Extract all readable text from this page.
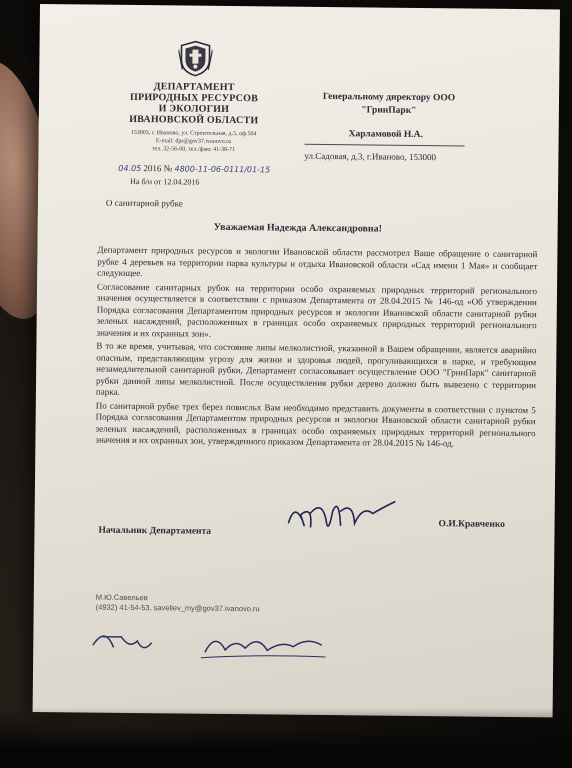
ДЕПАРТАМЕНТ
ПРИРОДНЫХ РЕСУРСОВ
И ЭКОЛОГИИ
ИВАНОВСКОЙ ОБЛАСТИ
153003, г. Иваново, ул. Строительная, д.5, оф.504
E-mail: dpr@gov37.ivanovo.ru
тел. 32-56-00, тел./факс 41-38-71
04.05 2016 № 4800-11-06-0111/01-15
На б/н от 12.04.2016
Генеральному директору ООО
"ГринПарк"
Харламовой Н.А.
ул.Садовая, д.3, г.Иваново, 153000
О санитарной рубке
Уважаемая Надежда Александровна!

Департамент природных ресурсов и экологии Ивановской области рассмотрел Ваше обращение о санитарной рубке 4 деревьев на территории парка культуры и отдыха Ивановской области «Сад имени 1 Мая» и сообщает следующее.

Согласование санитарных рубок на территории особо охраняемых природных территорий регионального значения осуществляется в соответствии с приказом Департамента от 28.04.2015 № 146-од «Об утверждении Порядка согласования Департаментом природных ресурсов и экологии Ивановской области санитарной рубки зеленых насаждений, расположенных в границах особо охраняемых природных территорий регионального значения и их охранных зон».

В то же время, учитывая, что состояние липы мелколистной, указанной в Вашем обращении, является аварийно опасным, представляющим угрозу для жизни и здоровья людей, прогуливающихся в парке, и требующим незамедлительной санитарной рубки, Департамент согласовывает осуществление ООО "ГринПарк" санитарной рубки данной липы мелколистной. После осуществления рубки дерево должно быть вывезено с территории парка.

По санитарной рубке трех берез повисльх Вам необходимо представить документы в соответствии с пунктом 5 Порядка согласования Департаментом природных ресурсов и экологии Ивановской области санитарной рубки зеленых насаждений, расположенных в границах особо охраняемых природных территорий регионального значения и их охранных зон, утвержденного приказом Департамента от 28.04.2015 № 146-од.

Начальник Департамента
О.И.Кравченко
М.Ю.Савельев
(4932) 41-54-53, saveliev_my@gov37.ivanovo.ru
